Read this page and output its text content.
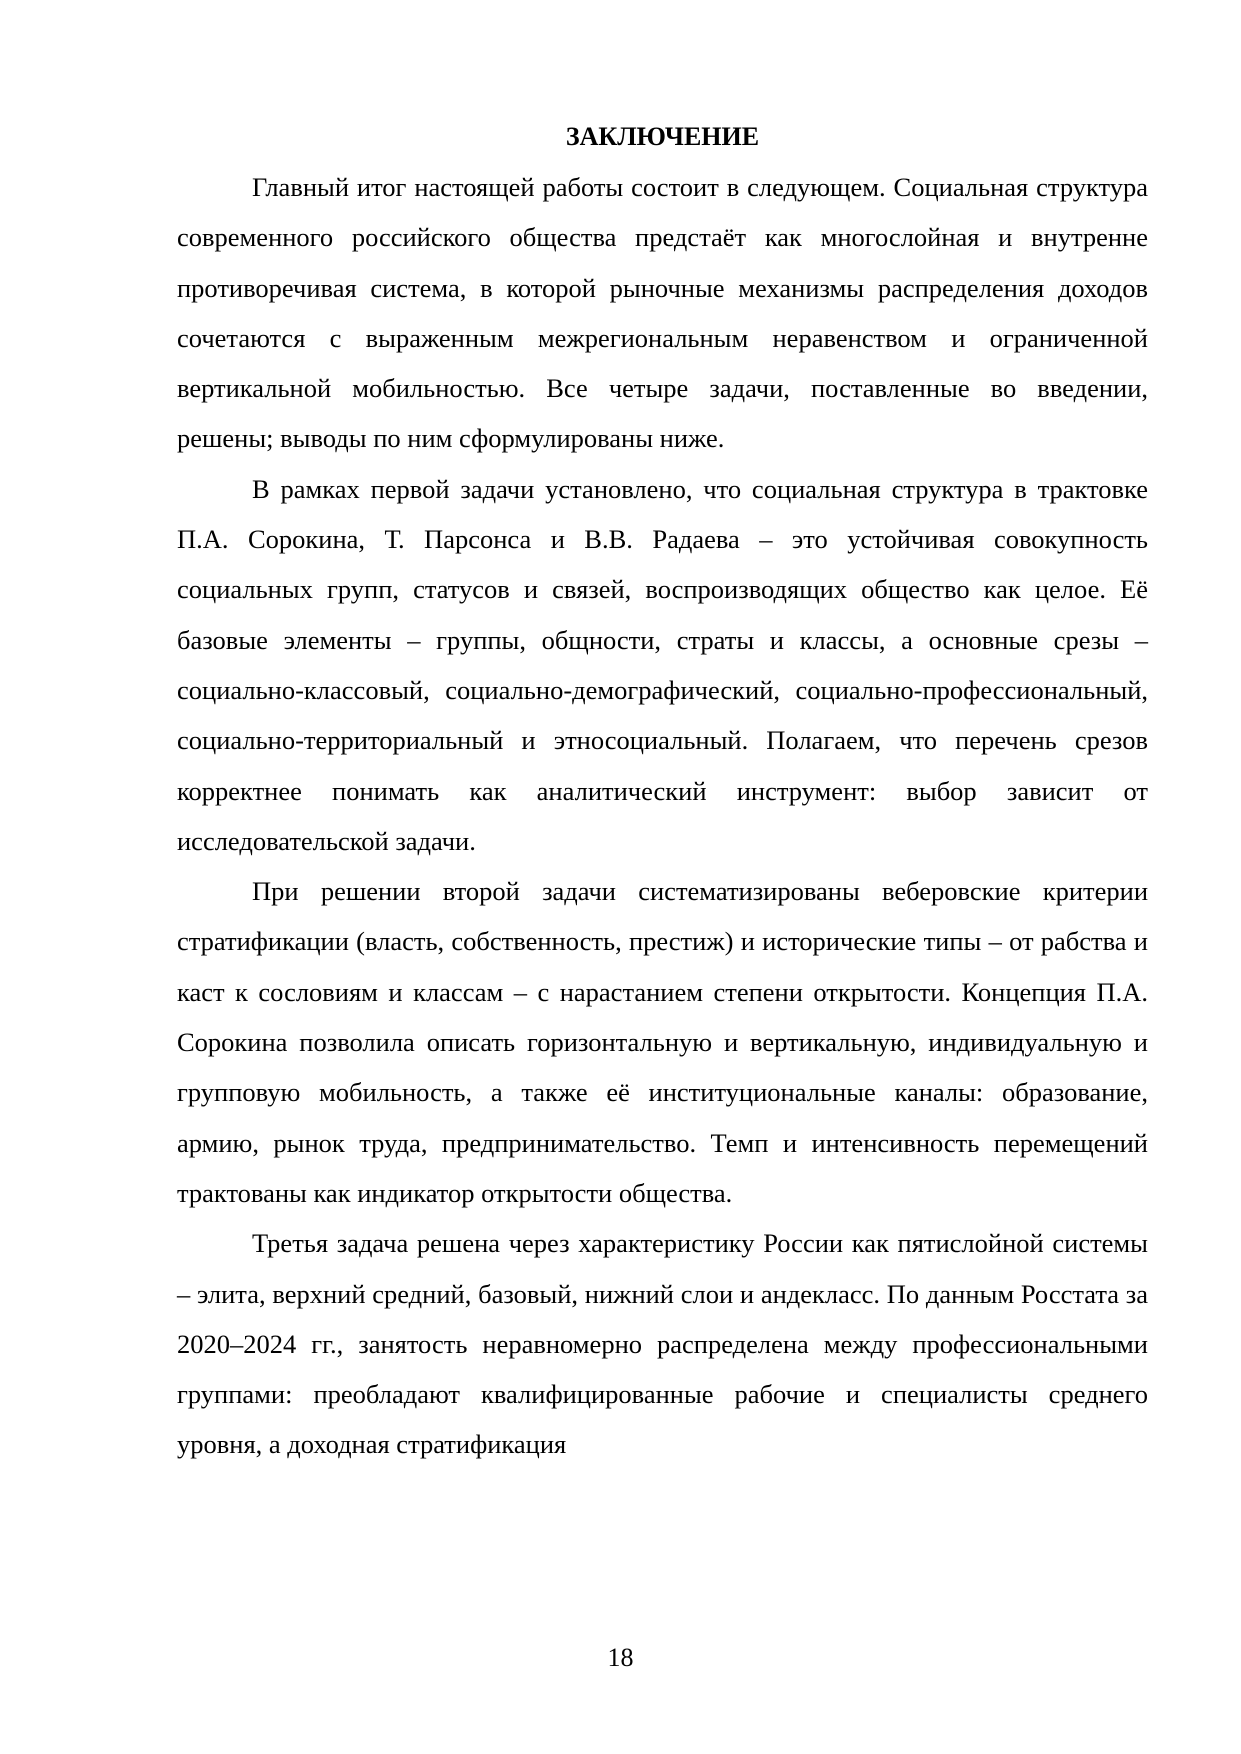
ЗАКЛЮЧЕНИЕ

Главный итог настоящей работы состоит в следующем. Социальная структура современного российского общества предстаёт как многослойная и внутренне противоречивая система, в которой рыночные механизмы распределения доходов сочетаются с выраженным межрегиональным неравенством и ограниченной вертикальной мобильностью. Все четыре задачи, поставленные во введении, решены; выводы по ним сформулированы ниже.

В рамках первой задачи установлено, что социальная структура в трактовке П.А. Сорокина, Т. Парсонса и В.В. Радаева – это устойчивая совокупность социальных групп, статусов и связей, воспроизводящих общество как целое. Её базовые элементы – группы, общности, страты и классы, а основные срезы – социально-классовый, социально-демографический, социально-профессиональный, социально-территориальный и этносоциальный. Полагаем, что перечень срезов корректнее понимать как аналитический инструмент: выбор зависит от исследовательской задачи.

При решении второй задачи систематизированы веберовские критерии стратификации (власть, собственность, престиж) и исторические типы – от рабства и каст к сословиям и классам – с нарастанием степени открытости. Концепция П.А. Сорокина позволила описать горизонтальную и вертикальную, индивидуальную и групповую мобильность, а также её институциональные каналы: образование, армию, рынок труда, предпринимательство. Темп и интенсивность перемещений трактованы как индикатор открытости общества.

Третья задача решена через характеристику России как пятислойной системы – элита, верхний средний, базовый, нижний слои и андекласс. По данным Росстата за 2020–2024 гг., занятость неравномерно распределена между профессиональными группами: преобладают квалифицированные рабочие и специалисты среднего уровня, а доходная стратификация

18
